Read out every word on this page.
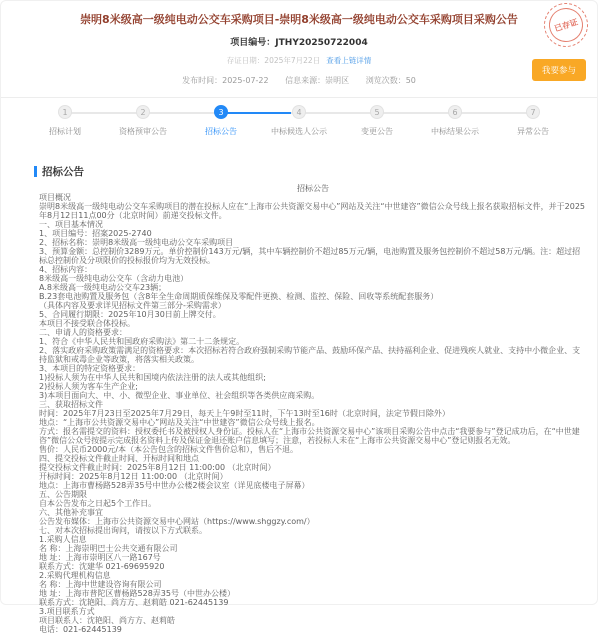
已存证
崇明8米级高一级纯电动公交车采购项目-崇明8米级高一级纯电动公交车采购项目采购公告
项目编号：JTHY20250722004
存证日期：2025年7月22日 查看上链详情
发布时间：2025-07-22 信息来源：崇明区 浏览次数：50
我要参与
1
招标计划
2
资格预审公告
3
招标公告
4
中标候选人公示
5
变更公告
6
中标结果公示
7
异常公告
招标公告
招标公告
项目概况
崇明8米级高一级纯电动公交车采购项目的潜在投标人应在“上海市公共资源交易中心”网站及关注“中世建咨”微信公众号线上报名获取招标文件，并于2025年8月12日11点00分（北京时间）前递交投标文件。
一、项目基本情况
1、项目编号：招案2025-2740
2、招标名称：崇明8米级高一级纯电动公交车采购项目
3、预算金额：总控制价3289万元。单价控制价143万元/辆，其中车辆控制价不超过85万元/辆，电池购置及服务包控制价不超过58万元/辆。注：超过招标总控制价及分项限价的投标报价均为无效投标。
4、招标内容：
8米级高一级纯电动公交车（含动力电池）
A.8米级高一级纯电动公交车23辆；
B.23套电池购置及服务包（含8年全生命周期质保维保及零配件更换、检测、监控、保险、回收等系统配套服务）
（具体内容及要求详见招标文件第三部分-采购需求）
5、合同履行期限：2025年10月30日前上牌交付。
本项目不接受联合体投标。
二、申请人的资格要求：
1、符合《中华人民共和国政府采购法》第二十二条规定。
2、落实政府采购政策需满足的资格要求：本次招标若符合政府强制采购节能产品、鼓励环保产品、扶持福利企业、促进残疾人就业、支持中小微企业、支持监狱和戒毒企业等政策，将落实相关政策。
3、本项目的特定资格要求：
1)投标人须为在中华人民共和国境内依法注册的法人或其他组织;
2)投标人须为客车生产企业;
3)本项目面向大、中、小、微型企业、事业单位、社会组织等各类供应商采购。
三、获取招标文件
时间：2025年7月23日至2025年7月29日，每天上午9时至11时，下午13时至16时（北京时间，法定节假日除外）
地点：“上海市公共资源交易中心”网站及关注“中世建咨”微信公众号线上报名。
方式：报名需提交的资料：授权委托书及被授权人身份证。投标人在“上海市公共资源交易中心”该项目采购公告中点击“我要参与”登记成功后，在“中世建咨”微信公众号按提示完成报名资料上传及保证金退还账户信息填写；注意，若投标人未在“上海市公共资源交易中心”登记则报名无效。
售价：人民币2000元/本（本公告包含的招标文件售价总和），售后不退。
四、提交投标文件截止时间、开标时间和地点
提交投标文件截止时间：2025年8月12日 11:00:00 （北京时间）
开标时间：2025年8月12日 11:00:00 （北京时间）
地点：上海市曹杨路528弄35号中世办公楼2楼会议室（详见底楼电子屏幕）
五、公告期限
自本公告发布之日起5个工作日。
六、其他补充事宜
公告发布媒体：上海市公共资源交易中心网站（https://www.shggzy.com/）
七、对本次招标提出询问，请按以下方式联系。
1.采购人信息
名 称：上海崇明巴士公共交通有限公司
地 址：上海市崇明区八一路167号
联系方式：沈建华 021-69695920
2.采购代理机构信息
名 称：上海中世建设咨询有限公司
地 址：上海市普陀区曹杨路528弄35号（中世办公楼）
联系方式：沈艳阳、尚方方、赵莉皓 021-62445139
3.项目联系方式
项目联系人：沈艳阳、尚方方、赵莉皓
电话：021-62445139
